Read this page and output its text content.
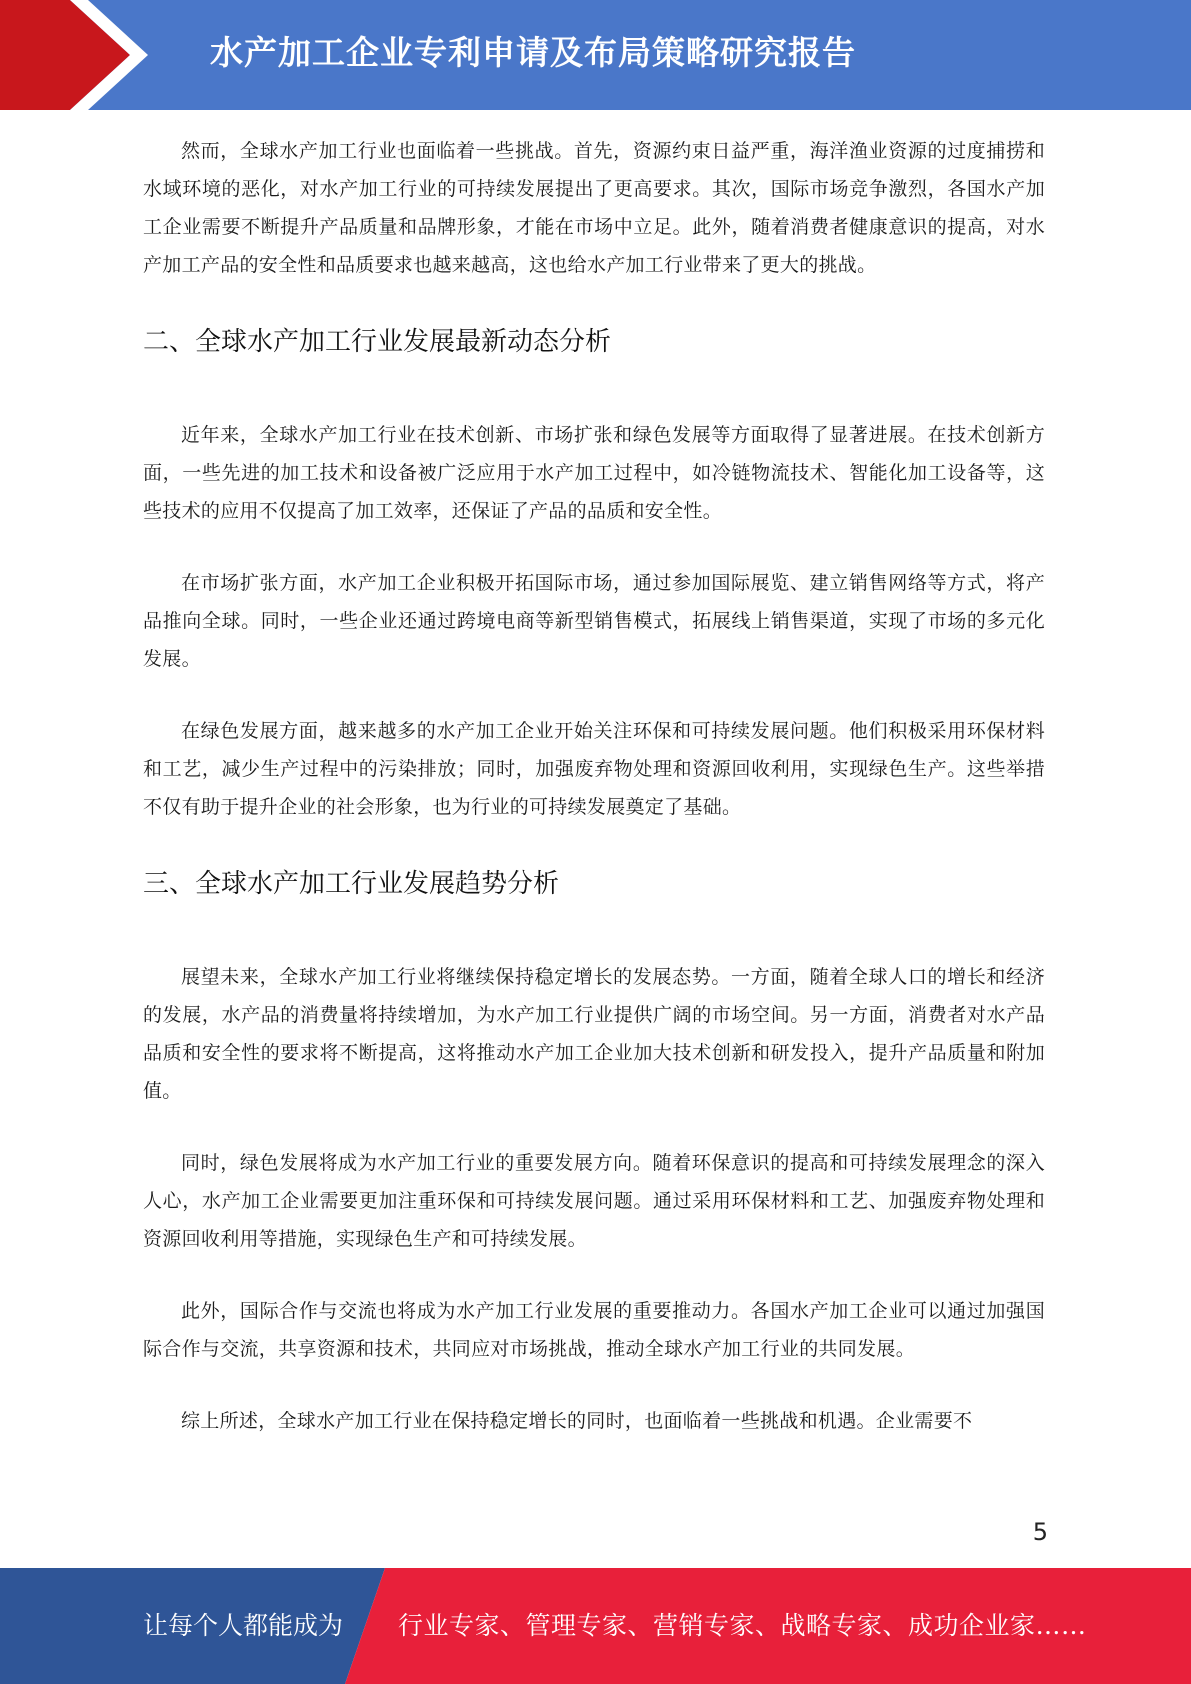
水产加工企业专利申请及布局策略研究报告

然而，全球水产加工行业也面临着一些挑战。首先，资源约束日益严重，海洋渔业资源的过度捕捞和水域环境的恶化，对水产加工行业的可持续发展提出了更高要求。其次，国际市场竞争激烈，各国水产加工企业需要不断提升产品质量和品牌形象，才能在市场中立足。此外，随着消费者健康意识的提高，对水产加工产品的安全性和品质要求也越来越高，这也给水产加工行业带来了更大的挑战。

二、全球水产加工行业发展最新动态分析

近年来，全球水产加工行业在技术创新、市场扩张和绿色发展等方面取得了显著进展。在技术创新方面，一些先进的加工技术和设备被广泛应用于水产加工过程中，如冷链物流技术、智能化加工设备等，这些技术的应用不仅提高了加工效率，还保证了产品的品质和安全性。

在市场扩张方面，水产加工企业积极开拓国际市场，通过参加国际展览、建立销售网络等方式，将产品推向全球。同时，一些企业还通过跨境电商等新型销售模式，拓展线上销售渠道，实现了市场的多元化发展。

在绿色发展方面，越来越多的水产加工企业开始关注环保和可持续发展问题。他们积极采用环保材料和工艺，减少生产过程中的污染排放；同时，加强废弃物处理和资源回收利用，实现绿色生产。这些举措不仅有助于提升企业的社会形象，也为行业的可持续发展奠定了基础。

三、全球水产加工行业发展趋势分析

展望未来，全球水产加工行业将继续保持稳定增长的发展态势。一方面，随着全球人口的增长和经济的发展，水产品的消费量将持续增加，为水产加工行业提供广阔的市场空间。另一方面，消费者对水产品品质和安全性的要求将不断提高，这将推动水产加工企业加大技术创新和研发投入，提升产品质量和附加值。

同时，绿色发展将成为水产加工行业的重要发展方向。随着环保意识的提高和可持续发展理念的深入人心，水产加工企业需要更加注重环保和可持续发展问题。通过采用环保材料和工艺、加强废弃物处理和资源回收利用等措施，实现绿色生产和可持续发展。

此外，国际合作与交流也将成为水产加工行业发展的重要推动力。各国水产加工企业可以通过加强国际合作与交流，共享资源和技术，共同应对市场挑战，推动全球水产加工行业的共同发展。

综上所述，全球水产加工行业在保持稳定增长的同时，也面临着一些挑战和机遇。企业需要不

5
让每个人都能成为 行业专家、管理专家、营销专家、战略专家、成功企业家……
